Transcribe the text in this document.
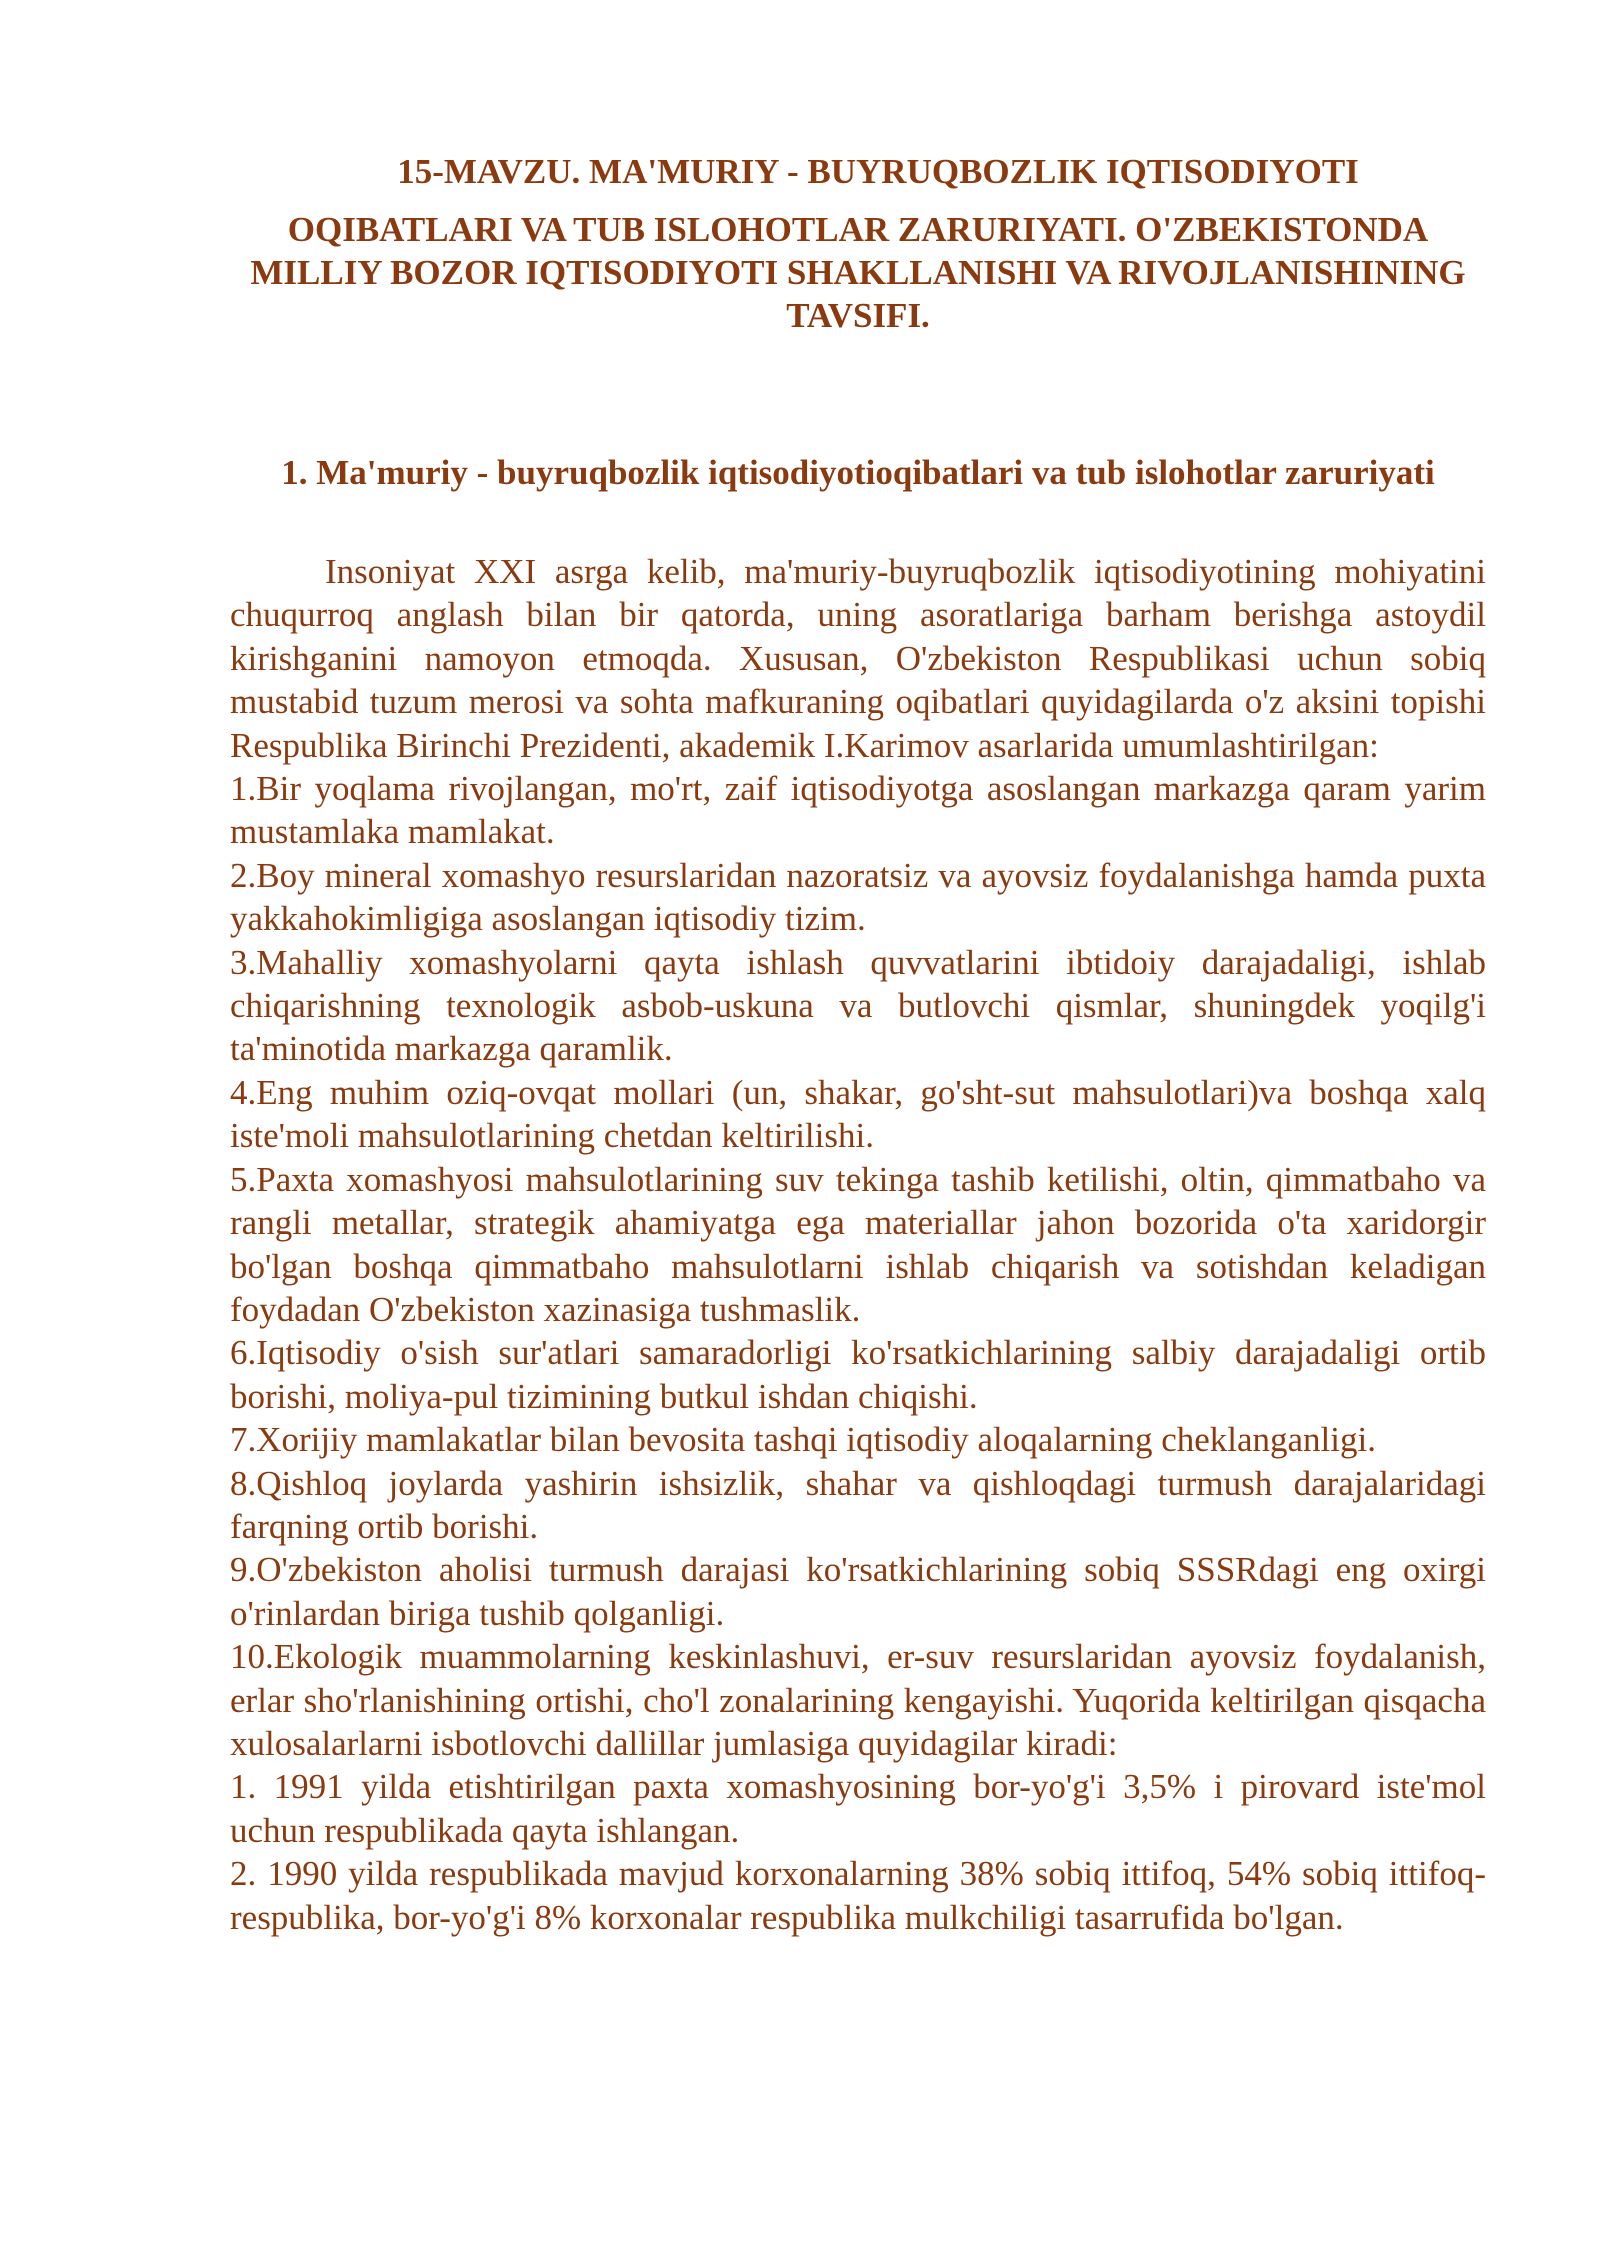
15-MAVZU. MA'MURIY - BUYRUQBOZLIK IQTISODIYOTI
OQIBATLARI VA TUB ISLOHOTLAR ZARURIYATI. O'ZBEKISTONDA MILLIY BOZOR IQTISODIYOTI SHAKLLANISHI VA RIVOJLANISHINING TAVSIFI.
1. Ma'muriy - buyruqbozlik iqtisodiyotioqibatlari va tub islohotlar zaruriyati

Insoniyat XXI asrga kelib, ma'muriy-buyruqbozlik iqtisodiyotining mohiyatini chuqurroq anglash bilan bir qatorda, uning asoratlariga barham berishga astoydil kirishganini namoyon etmoqda. Xususan, O'zbekiston Respublikasi uchun sobiq mustabid tuzum merosi va sohta mafkuraning oqibatlari quyidagilarda o'z aksini topishi Respublika Birinchi Prezidenti, akademik I.Karimov asarlarida umumlashtirilgan:

1.Bir yoqlama rivojlangan, mo'rt, zaif iqtisodiyotga asoslangan markazga qaram yarim mustamlaka mamlakat.

2.Boy mineral xomashyo resurslaridan nazoratsiz va ayovsiz foydalanishga hamda puxta yakkahokimligiga asoslangan iqtisodiy tizim.

3.Mahalliy xomashyolarni qayta ishlash quvvatlarini ibtidoiy darajadaligi, ishlab chiqarishning texnologik asbob-uskuna va butlovchi qismlar, shuningdek yoqilg'i ta'minotida markazga qaramlik.

4.Eng muhim oziq-ovqat mollari (un, shakar, go'sht-sut mahsulotlari)va boshqa xalq iste'moli mahsulotlarining chetdan keltirilishi.

5.Paxta xomashyosi mahsulotlarining suv tekinga tashib ketilishi, oltin, qimmatbaho va rangli metallar, strategik ahamiyatga ega materiallar jahon bozorida o'ta xaridorgir bo'lgan boshqa qimmatbaho mahsulotlarni ishlab chiqarish va sotishdan keladigan foydadan O'zbekiston xazinasiga tushmaslik.

6.Iqtisodiy o'sish sur'atlari samaradorligi ko'rsatkichlarining salbiy darajadaligi ortib borishi, moliya-pul tizimining butkul ishdan chiqishi.

7.Xorijiy mamlakatlar bilan bevosita tashqi iqtisodiy aloqalarning cheklanganligi.

8.Qishloq joylarda yashirin ishsizlik, shahar va qishloqdagi turmush darajalaridagi farqning ortib borishi.

9.O'zbekiston aholisi turmush darajasi ko'rsatkichlarining sobiq SSSRdagi eng oxirgi o'rinlardan biriga tushib qolganligi.

10.Ekologik muammolarning keskinlashuvi, er-suv resurslaridan ayovsiz foydalanish, erlar sho'rlanishining ortishi, cho'l zonalarining kengayishi. Yuqorida keltirilgan qisqacha xulosalarlarni isbotlovchi dallillar jumlasiga quyidagilar kiradi:

1. 1991 yilda etishtirilgan paxta xomashyosining bor-yo'g'i 3,5% i pirovard iste'mol uchun respublikada qayta ishlangan.

2. 1990 yilda respublikada mavjud korxonalarning 38% sobiq ittifoq, 54% sobiq ittifoq-respublika, bor-yo'g'i 8% korxonalar respublika mulkchiligi tasarrufida bo'lgan.
